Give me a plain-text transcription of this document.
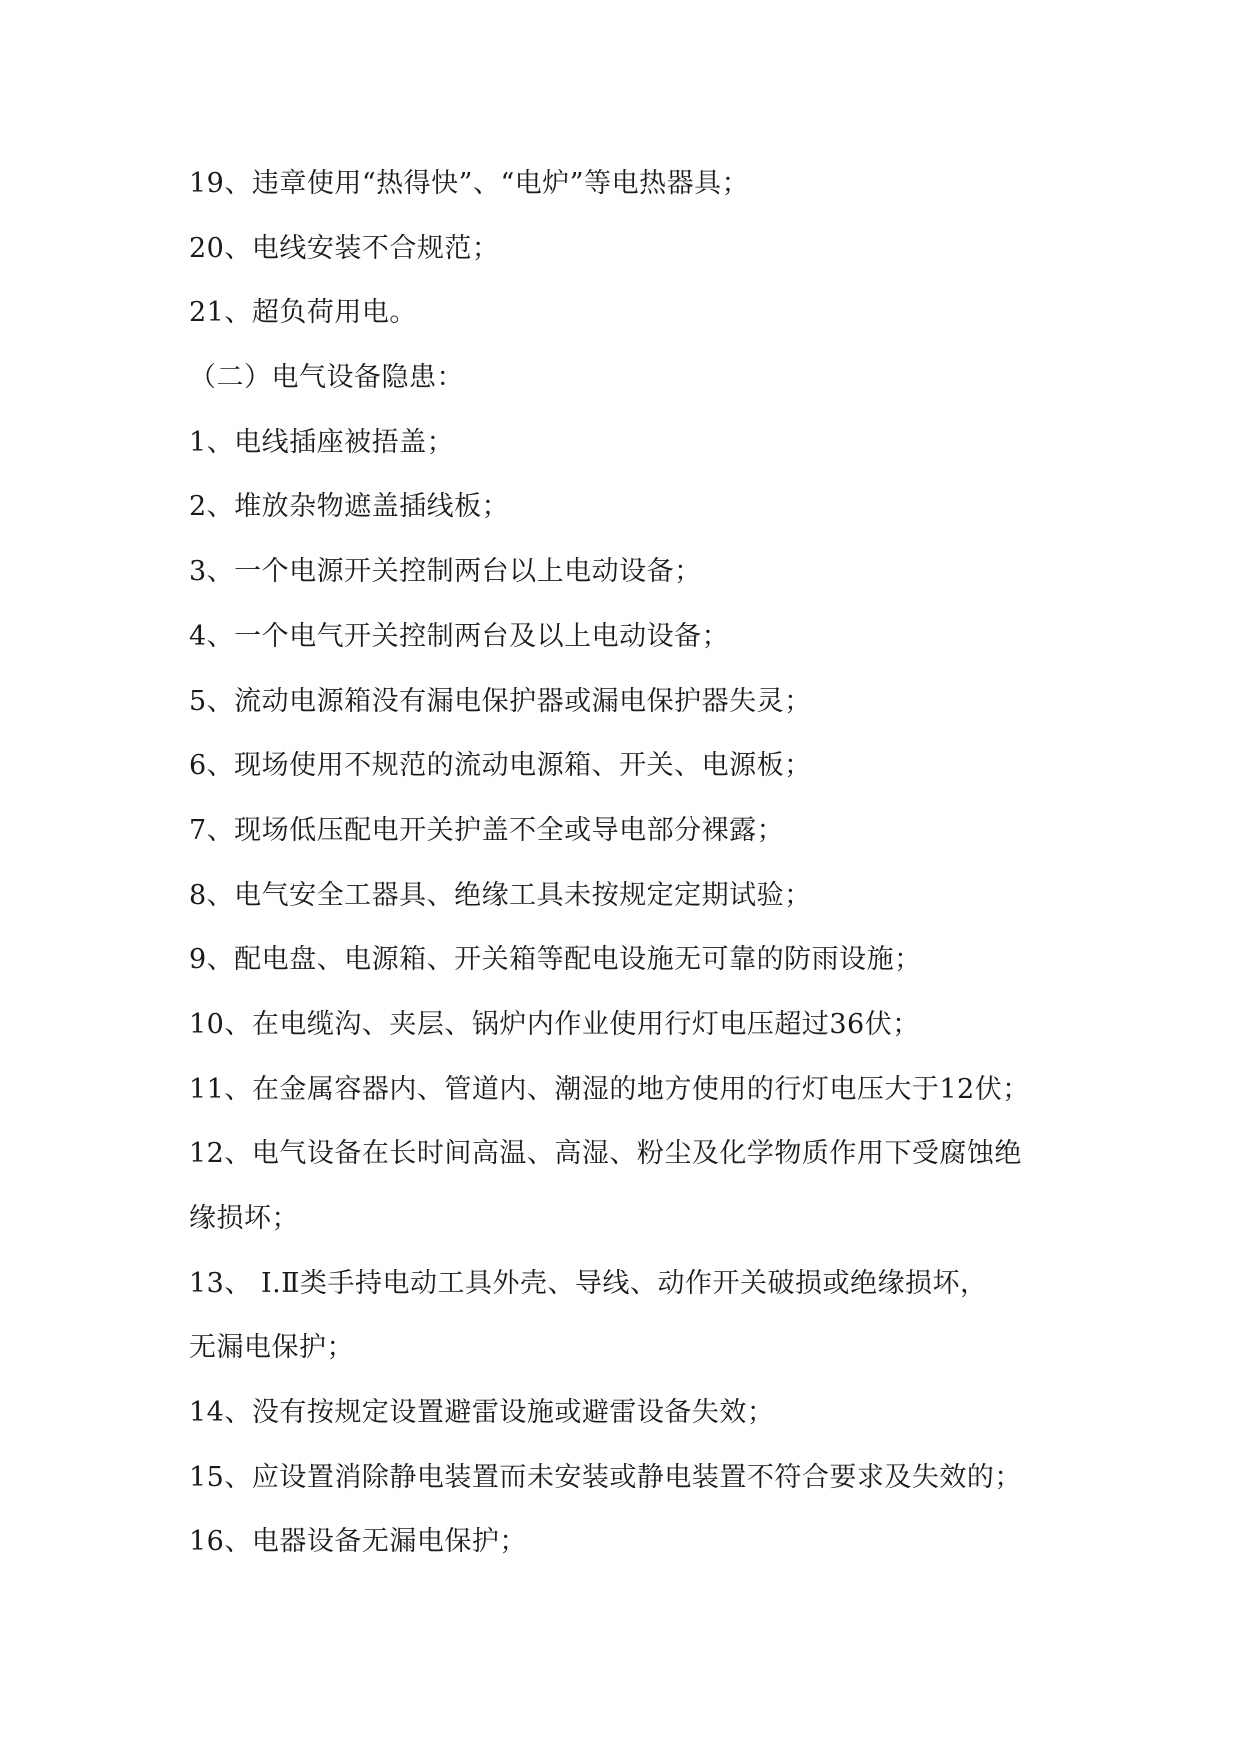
19、违章使用“热得快”、“电炉”等电热器具；
20、电线安装不合规范；
21、超负荷用电。
（二）电气设备隐患：
1、电线插座被捂盖；
2、堆放杂物遮盖插线板；
3、一个电源开关控制两台以上电动设备；
4、一个电气开关控制两台及以上电动设备；
5、流动电源箱没有漏电保护器或漏电保护器失灵；
6、现场使用不规范的流动电源箱、开关、电源板；
7、现场低压配电开关护盖不全或导电部分裸露；
8、电气安全工器具、绝缘工具未按规定定期试验；
9、配电盘、电源箱、开关箱等配电设施无可靠的防雨设施；
10、在电缆沟、夹层、锅炉内作业使用行灯电压超过36伏；
11、在金属容器内、管道内、潮湿的地方使用的行灯电压大于12伏；
12、电气设备在长时间高温、高湿、粉尘及化学物质作用下受腐蚀绝
缘损坏；
13、 Ⅰ.Ⅱ类手持电动工具外壳、导线、动作开关破损或绝缘损坏，
无漏电保护；
14、没有按规定设置避雷设施或避雷设备失效；
15、应设置消除静电装置而未安装或静电装置不符合要求及失效的；
16、电器设备无漏电保护；
